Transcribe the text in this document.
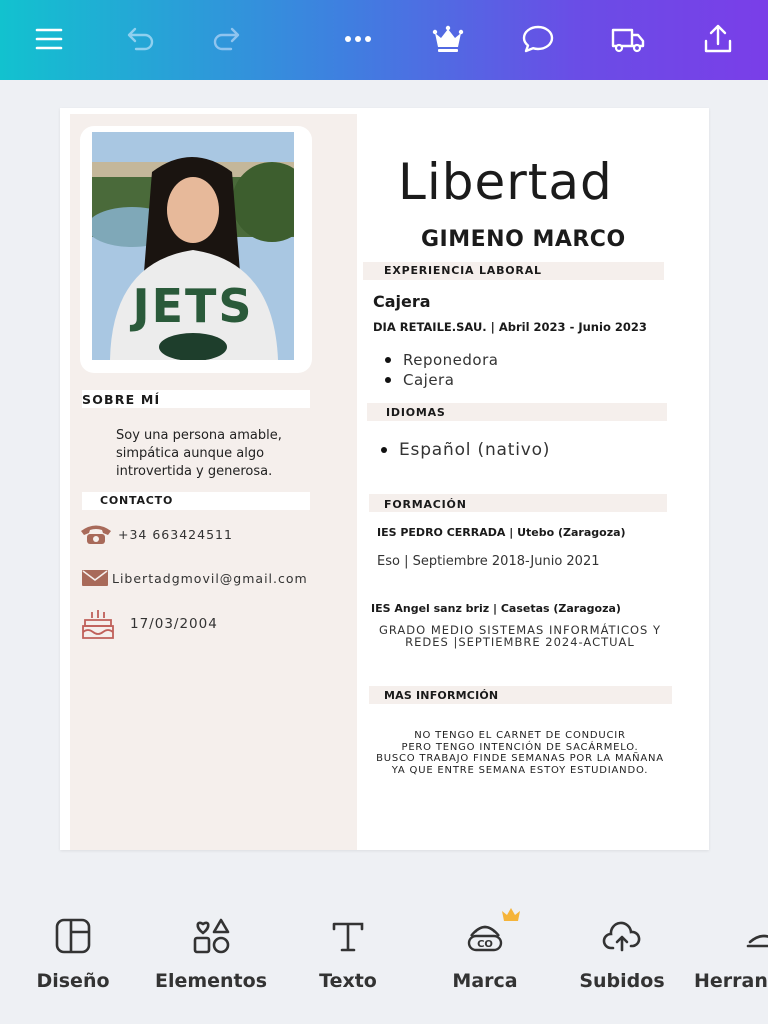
JETS
SOBRE MÍ
Soy una persona amable, simpática aunque algo introvertida y generosa.
CONTACTO
+34 663424511
Libertadgmovil@gmail.com
17/03/2004
Libertad
GIMENO MARCO
EXPERIENCIA LABORAL
Cajera
DIA RETAILE.SAU. | Abril 2023 - Junio 2023
Reponedora
Cajera
IDIOMAS
Español (nativo)
FORMACIÓN
IES PEDRO CERRADA | Utebo (Zaragoza)
Eso | Septiembre 2018-Junio 2021
IES Angel sanz briz | Casetas (Zaragoza)
GRADO MEDIO SISTEMAS INFORMÁTICOS Y
REDES |SEPTIEMBRE 2024-ACTUAL
MAS INFORMCIÓN
NO TENGO EL CARNET DE CONDUCIR
PERO TENGO INTENCIÓN DE SACÁRMELO.
BUSCO TRABAJO FINDE SEMANAS POR LA MAÑANA
YA QUE ENTRE SEMANA ESTOY ESTUDIANDO.
Diseño Elementos	Texto
CO
Marca	Subidos Herran
